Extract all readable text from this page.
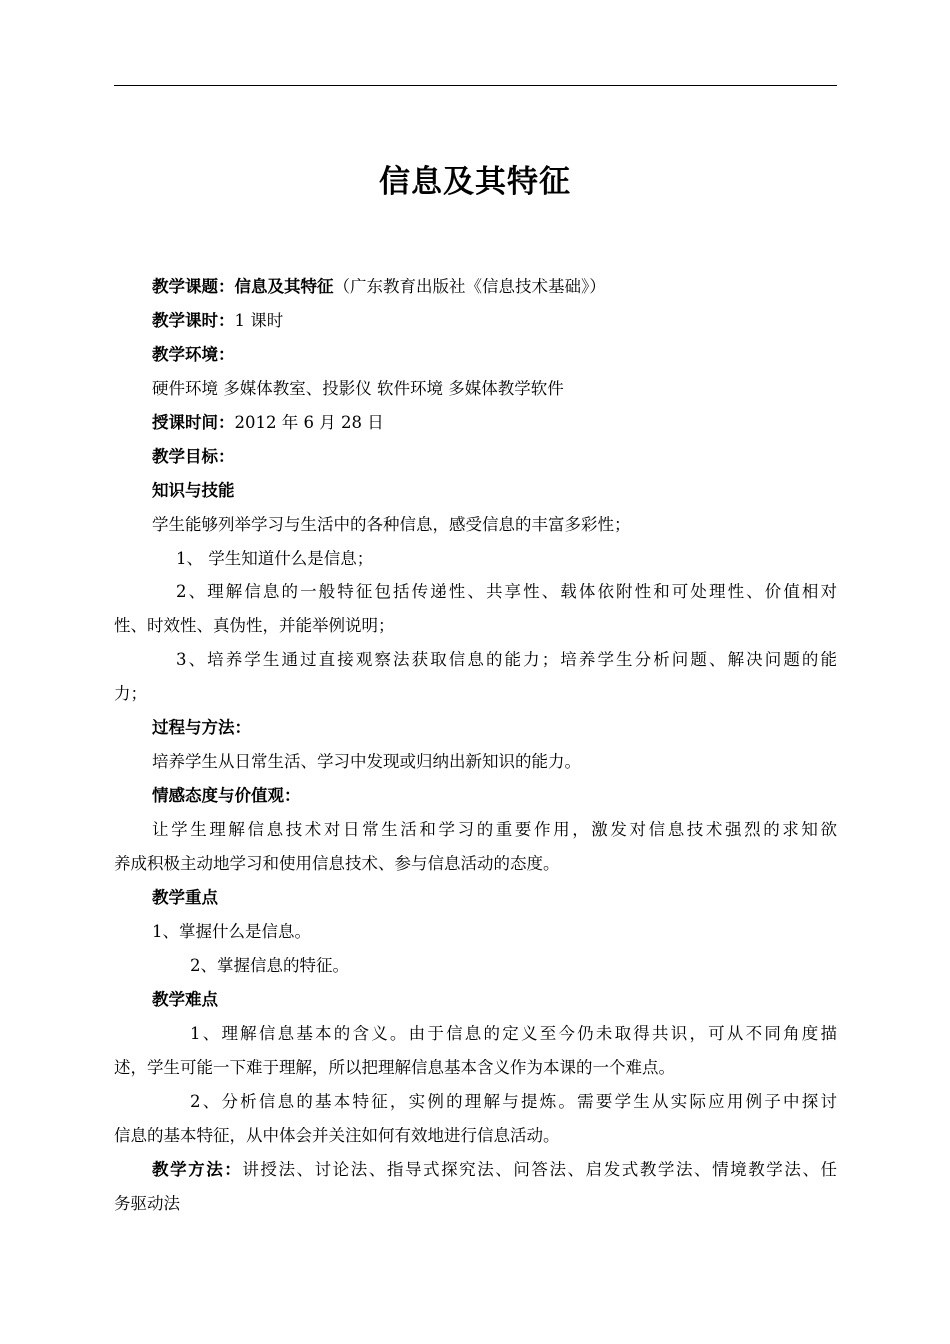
信息及其特征
教学课题：信息及其特征（广东教育出版社《信息技术基础》）
教学课时：1 课时
教学环境：
硬件环境 多媒体教室、投影仪 软件环境 多媒体教学软件
授课时间：2012 年 6 月 28 日
教学目标：
知识与技能
学生能够列举学习与生活中的各种信息，感受信息的丰富多彩性；
1、 学生知道什么是信息；
2、理解信息的一般特征包括传递性、共享性、载体依附性和可处理性、价值相对
性、时效性、真伪性，并能举例说明；
3、培养学生通过直接观察法获取信息的能力；培养学生分析问题、解决问题的能
力；
过程与方法：
培养学生从日常生活、学习中发现或归纳出新知识的能力。
情感态度与价值观：
让学生理解信息技术对日常生活和学习的重要作用，激发对信息技术强烈的求知欲
养成积极主动地学习和使用信息技术、参与信息活动的态度。
教学重点
1、掌握什么是信息。
2、掌握信息的特征。
教学难点
1、理解信息基本的含义。由于信息的定义至今仍未取得共识，可从不同角度描
述，学生可能一下难于理解，所以把理解信息基本含义作为本课的一个难点。
2、分析信息的基本特征，实例的理解与提炼。需要学生从实际应用例子中探讨
信息的基本特征，从中体会并关注如何有效地进行信息活动。
教学方法：讲授法、讨论法、指导式探究法、问答法、启发式教学法、情境教学法、任
务驱动法
